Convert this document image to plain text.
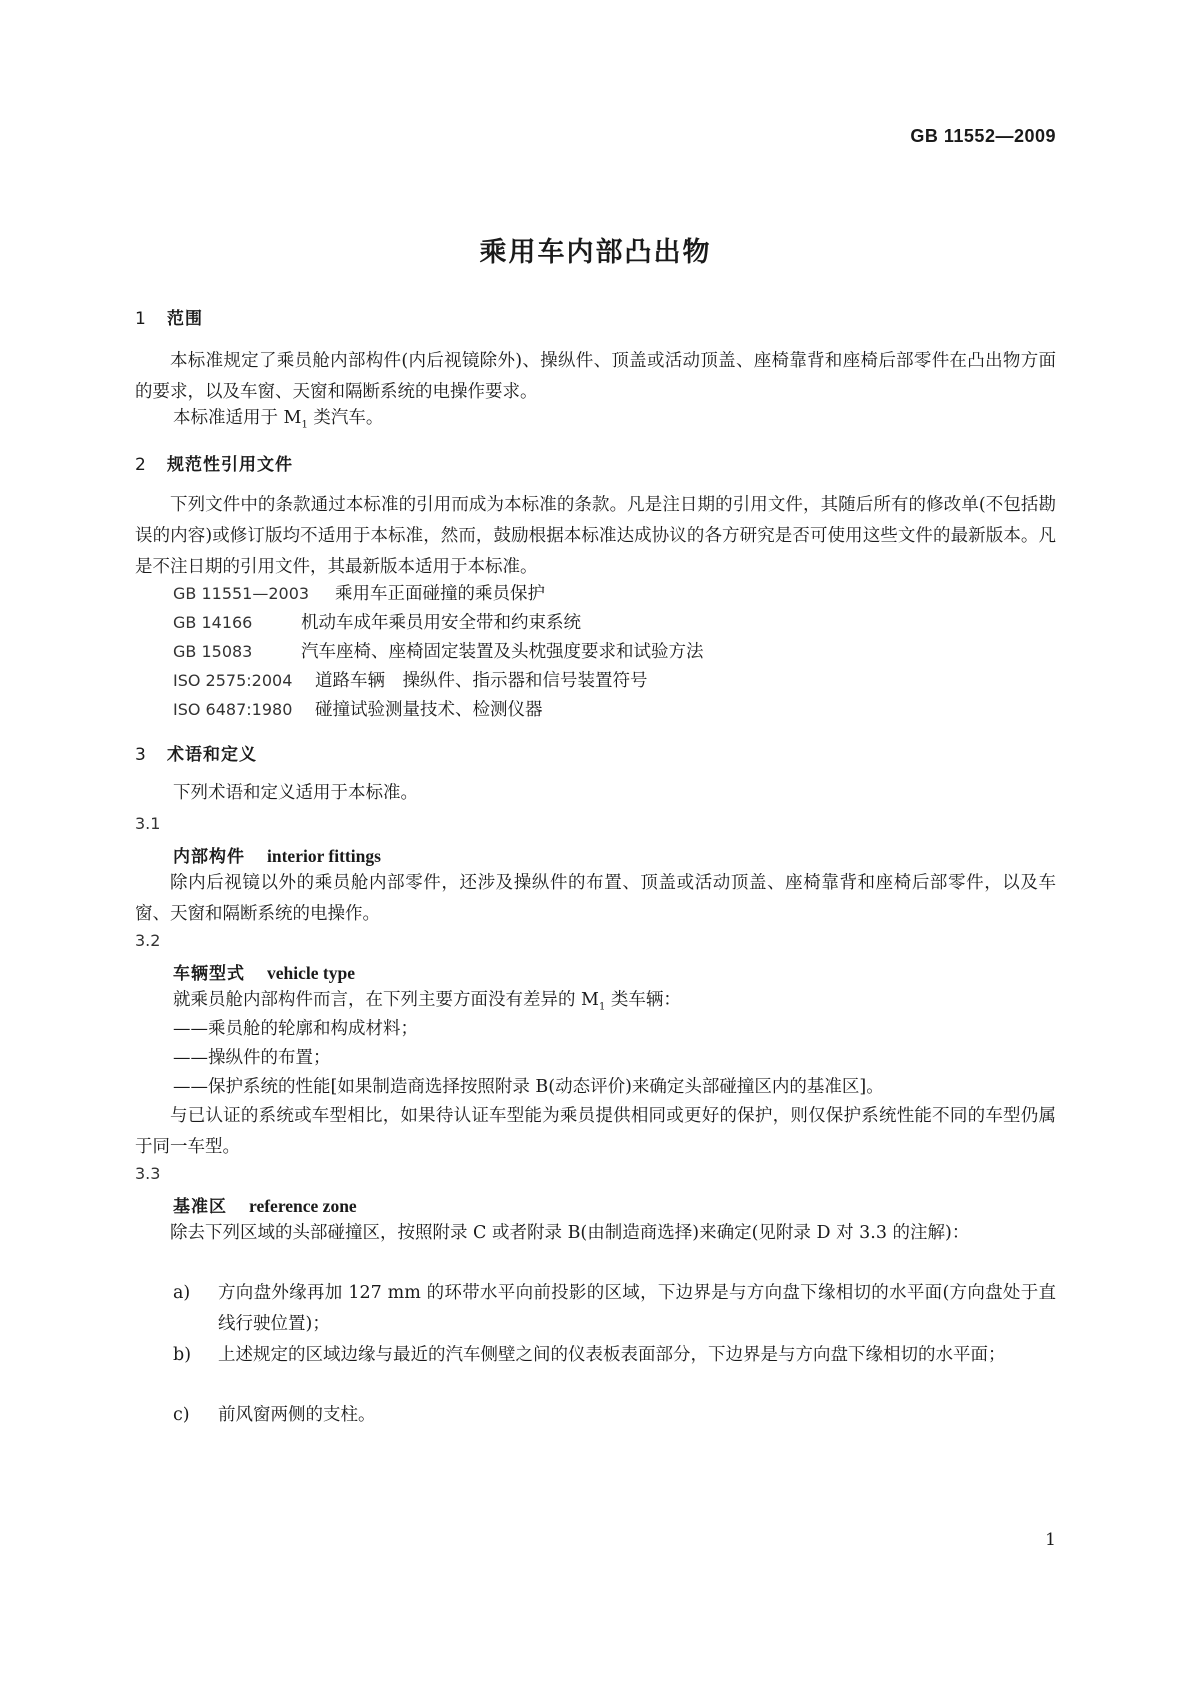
GB 11552—2009
乘用车内部凸出物
1 范围
本标准规定了乘员舱内部构件(内后视镜除外)、操纵件、顶盖或活动顶盖、座椅靠背和座椅后部零件在凸出物方面的要求，以及车窗、天窗和隔断系统的电操作要求。
本标准适用于 $M_1$ 类汽车。
2 规范性引用文件
下列文件中的条款通过本标准的引用而成为本标准的条款。凡是注日期的引用文件，其随后所有的修改单(不包括勘误的内容)或修订版均不适用于本标准，然而，鼓励根据本标准达成协议的各方研究是否可使用这些文件的最新版本。凡是不注日期的引用文件，其最新版本适用于本标准。
GB 11551—2003 乘用车正面碰撞的乘员保护
GB 14166	机动车成年乘员用安全带和约束系统
GB 15083	汽车座椅、座椅固定装置及头枕强度要求和试验方法
ISO 2575:2004 道路车辆　操纵件、指示器和信号装置符号
ISO 6487:1980 碰撞试验测量技术、检测仪器
3 术语和定义
下列术语和定义适用于本标准。
3.1
内部构件 interior fittings
除内后视镜以外的乘员舱内部零件，还涉及操纵件的布置、顶盖或活动顶盖、座椅靠背和座椅后部零件，以及车窗、天窗和隔断系统的电操作。
3.2
车辆型式 vehicle type
就乘员舱内部构件而言，在下列主要方面没有差异的 $M_1$ 类车辆：
——乘员舱的轮廓和构成材料；
——操纵件的布置；
——保护系统的性能[如果制造商选择按照附录 B(动态评价)来确定头部碰撞区内的基准区]。
与已认证的系统或车型相比，如果待认证车型能为乘员提供相同或更好的保护，则仅保护系统性能不同的车型仍属于同一车型。
3.3
基准区 reference zone
除去下列区域的头部碰撞区，按照附录 C 或者附录 B(由制造商选择)来确定(见附录 D 对 3.3 的注解)：
a)	方向盘外缘再加 127 mm 的环带水平向前投影的区域，下边界是与方向盘下缘相切的水平面(方向盘处于直线行驶位置)；
b)	上述规定的区域边缘与最近的汽车侧壁之间的仪表板表面部分，下边界是与方向盘下缘相切的水平面；
c)	前风窗两侧的支柱。
1
